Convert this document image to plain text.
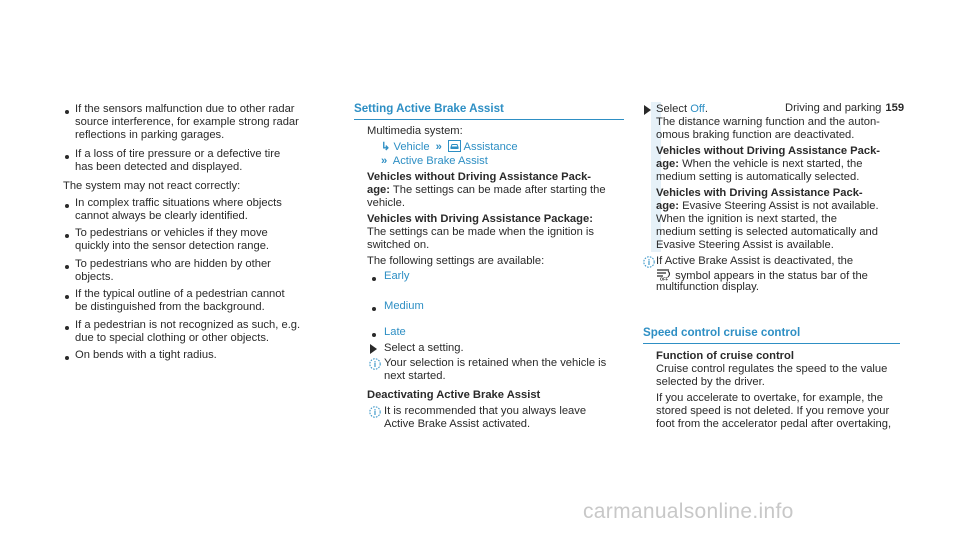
Driving and parking 159
If the sensors malfunction due to other radar
source interference, for example strong radar
reflections in parking garages.
If a loss of tire pressure or a defective tire
has been detected and displayed.
The system may not react correctly:
In complex traffic situations where objects
cannot always be clearly identified.
To pedestrians or vehicles if they move
quickly into the sensor detection range.
To pedestrians who are hidden by other
objects.
If the typical outline of a pedestrian cannot
be distinguished from the background.
If a pedestrian is not recognized as such, e.g.
due to special clothing or other objects.
On bends with a tight radius.
Setting Active Brake Assist
Multimedia system:
↳ Vehicle » Assistance
» Active Brake Assist
Vehicles without Driving Assistance Pack-
age: The settings can be made after starting the
vehicle.
Vehicles with Driving Assistance Package:
The settings can be made when the ignition is
switched on.
The following settings are available:
Early
Medium
Late
Select a setting.
i Your selection is retained when the vehicle is
next started.
Deactivating Active Brake Assist
i It is recommended that you always leave
Active Brake Assist activated.
Select Off.
The distance warning function and the auton-
omous braking function are deactivated.
Vehicles without Driving Assistance Pack-
age: When the vehicle is next started, the
medium setting is automatically selected.
Vehicles with Driving Assistance Pack-
age: Evasive Steering Assist is not available.
When the ignition is next started, the
medium setting is selected automatically and
Evasive Steering Assist is available.
i If Active Brake Assist is deactivated, the
OFF symbol appears in the status bar of the
multifunction display.
Speed control cruise control
Function of cruise control
Cruise control regulates the speed to the value
selected by the driver.
If you accelerate to overtake, for example, the
stored speed is not deleted. If you remove your
foot from the accelerator pedal after overtaking,
carmanualsonline.info
